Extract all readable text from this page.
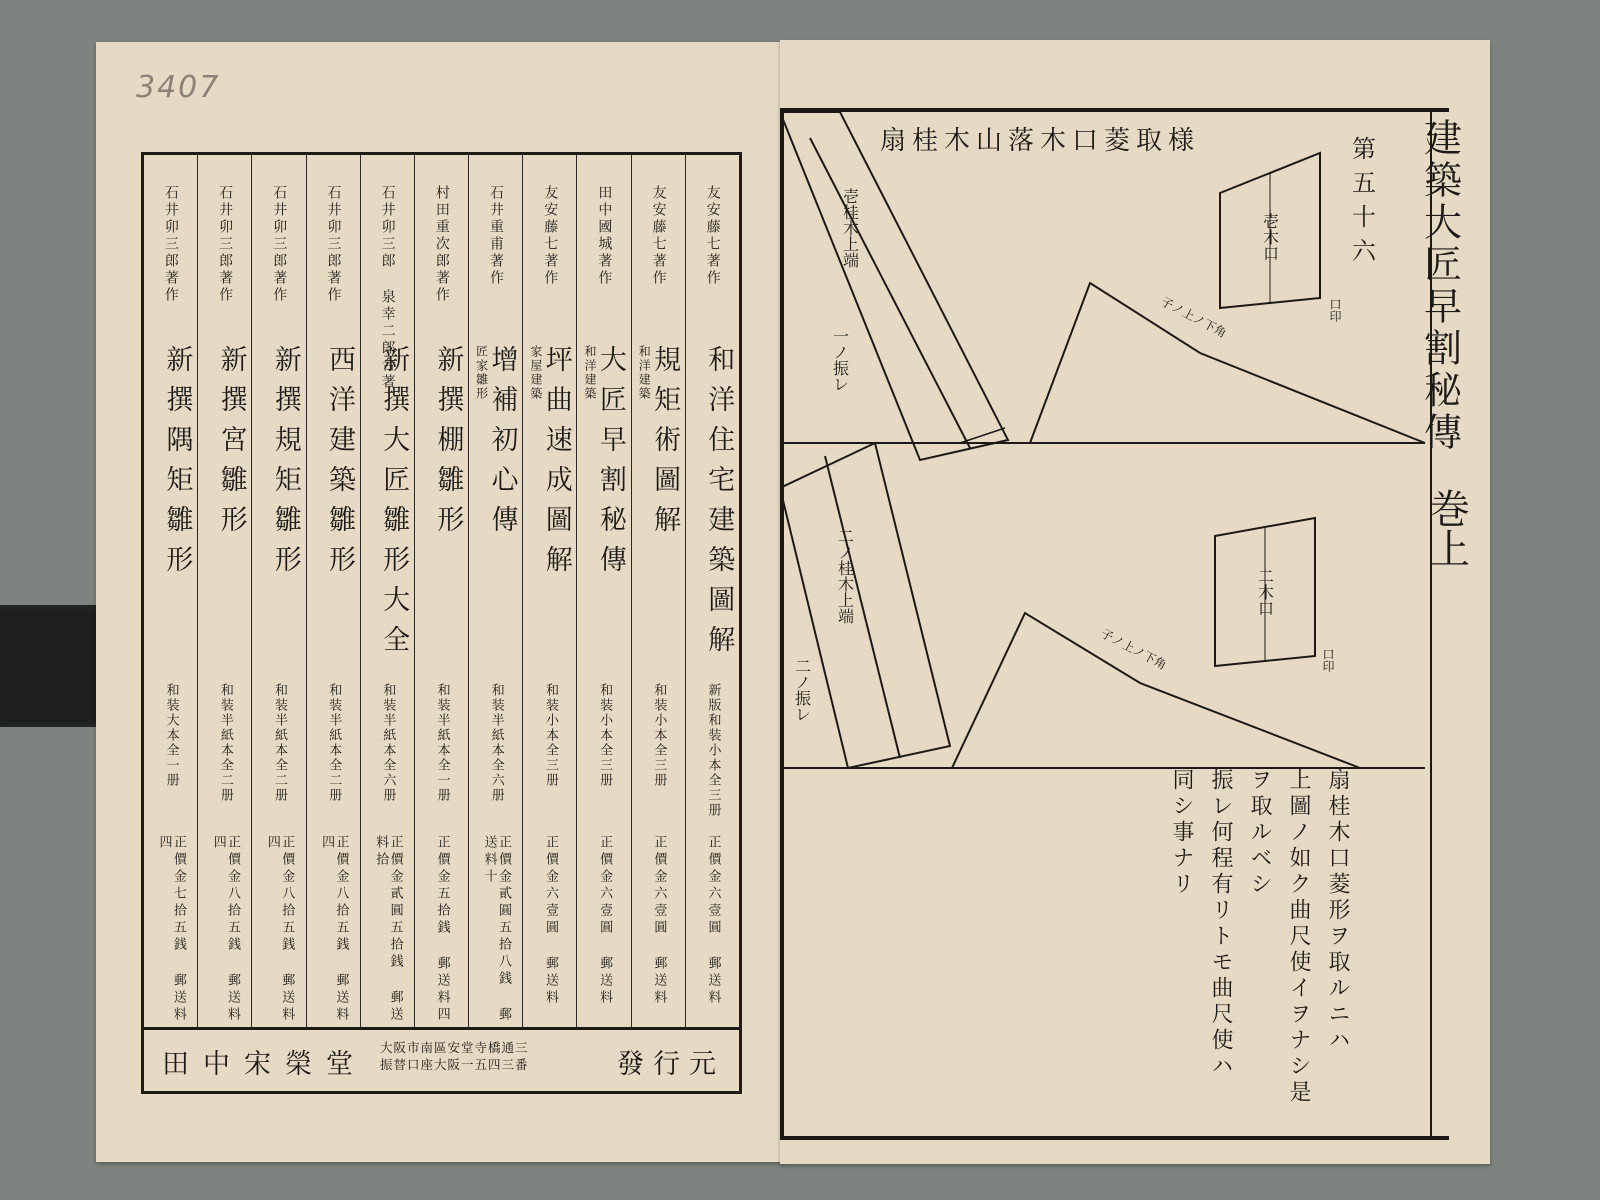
3407
友安藤七著作
和洋住宅建築圖解
新版和装小本全三册
正價金六壹圓 郵送料
友安藤七著作
和洋建築
規矩術圖解
和装小本全三册
正價金六壹圓 郵送料
田中國城著作
和洋建築
大匠早割秘傳
和装小本全三册
正價金六壹圓 郵送料
友安藤七著作
家屋建築
坪曲速成圖解
和装小本全三册
正價金六壹圓 郵送料
石井重甫著作
匠家雛形
增補初心傳
和装半紙本全六册
正價金貳圓五拾八銭 郵送料十
村田重次郎著作
新撰棚雛形
和装半紙本全一册
正價金五拾銭 郵送料四
石井卯三郎 泉幸二郎合著
新撰大匠雛形大全
和装半紙本全六册
正價金貳圓五拾銭 郵送料拾
石井卯三郎著作
西洋建築雛形
和装半紙本全二册
正價金八拾五銭 郵送料四
石井卯三郎著作
新撰規矩雛形
和装半紙本全二册
正價金八拾五銭 郵送料四
石井卯三郎著作
新撰宮雛形
和装半紙本全二册
正價金八拾五銭 郵送料四
石井卯三郎著作
新撰隅矩雛形
和装大本全一册
正價金七拾五銭 郵送料四
發行元
大阪市南區安堂寺橋通三
振替口座大阪一五四三番
田中宋榮堂
建築大匠早割秘傳
巻上
第五十六
扇桂木山落木口菱取様
壱桂木上端
一ノ振レ
壱木口
口印
子ノ上ノ下角
二ノ桂木上端
二ノ振レ
二木口
口印
子ノ上ノ下角
扇桂木口菱形ヲ取ルニハ
上圖ノ如ク曲尺使イヲナシ是
ヲ取ルベシ
振レ何程有リトモ曲尺使ハ
同シ事ナリ
